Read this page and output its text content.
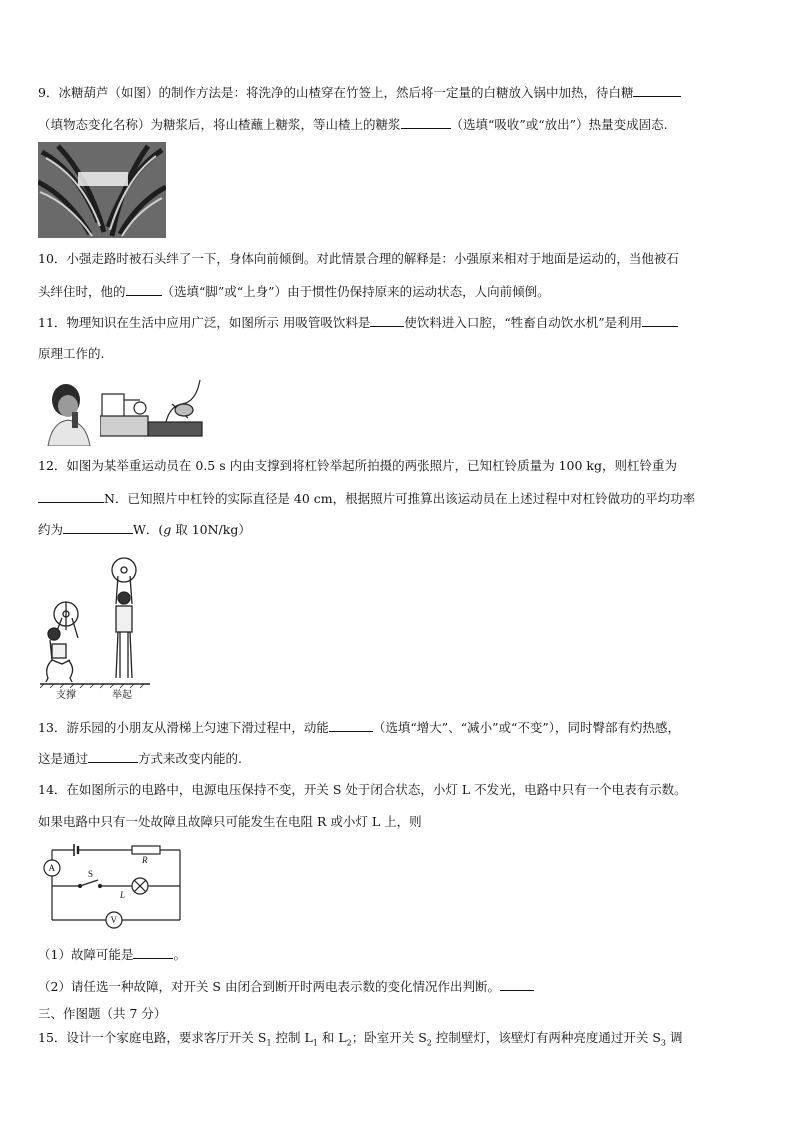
9．冰糖葫芦（如图）的制作方法是：将洗净的山楂穿在竹签上，然后将一定量的白糖放入锅中加热，待白糖
（填物态变化名称）为糖浆后，将山楂蘸上糖浆，等山楂上的糖浆	（选填“吸收”或“放出”）热量变成固态.
10．小强走路时被石头绊了一下，身体向前倾倒。对此情景合理的解释是：小强原来相对于地面是运动的，当他被石
头绊住时，他的	（选填“脚”或“上身”）由于惯性仍保持原来的运动状态，人向前倾倒。
11．物理知识在生活中应用广泛，如图所示 用吸管吸饮料是	使饮料进入口腔，“牲畜自动饮水机”是利用
原理工作的.
12．如图为某举重运动员在 0.5 s 内由支撑到将杠铃举起所拍摄的两张照片，已知杠铃质量为 100 kg，则杠铃重为
N．已知照片中杠铃的实际直径是 40 cm，根据照片可推算出该运动员在上述过程中对杠铃做功的平均功率
约为	W．(g 取 10N/kg）
支撑	举起
13．游乐园的小朋友从滑梯上匀速下滑过程中，动能	（选填“增大”、“减小”或“不变”），同时臀部有灼热感，
这是通过	方式来改变内能的.
14．在如图所示的电路中，电源电压保持不变，开关 S 处于闭合状态，小灯 L 不发光，电路中只有一个电表有示数。
如果电路中只有一处故障且故障只可能发生在电阻 R 或小灯 L 上，则
A
V
R
S
L
（1）故障可能是	。
（2）请任选一种故障，对开关 S 由闭合到断开时两电表示数的变化情况作出判断。
三、作图题（共 7 分）
15．设计一个家庭电路，要求客厅开关 $S_1$ 控制 $L_1$ 和 $L_2$；卧室开关 $S_2$ 控制壁灯，该壁灯有两种亮度通过开关 $S_3$ 调
